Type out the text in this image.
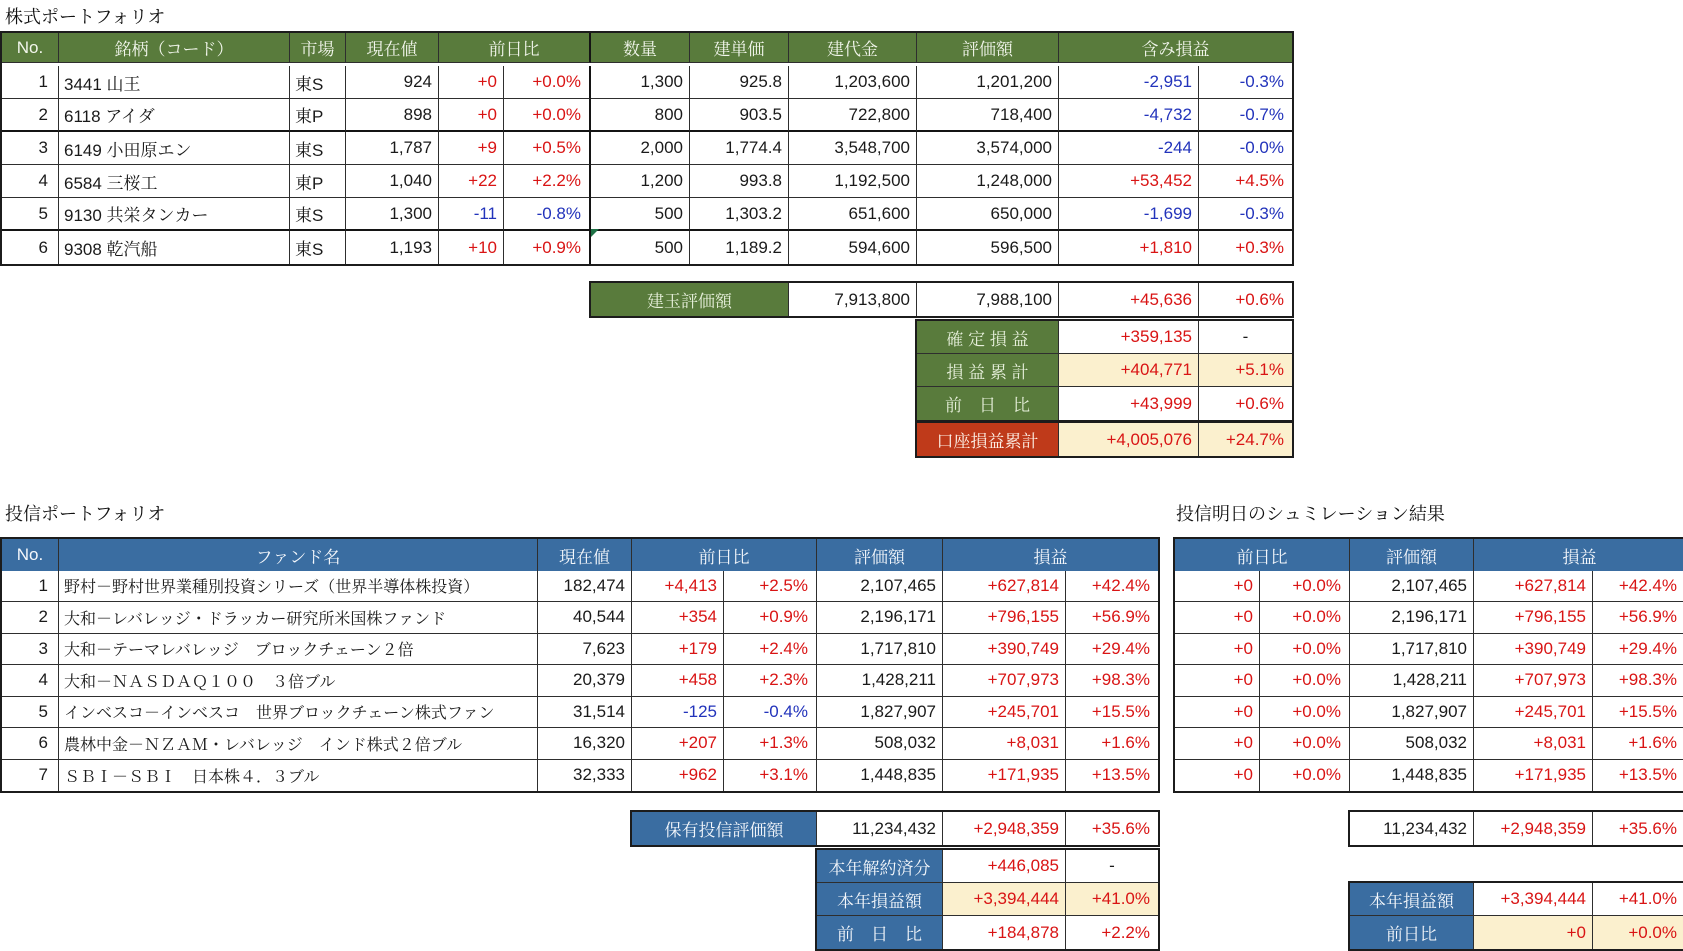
株式ポートフォリオ
No.	銘柄（コード）	市場	現在値	前日比	数量	建単価	建代金	評価額	含み損益
1 3441 山王	東S	924	+0	+0.0%	1,300	925.8	1,203,600	1,201,200	-2,951	-0.3%
2 6118 アイダ	東P	898	+0	+0.0%	800	903.5	722,800	718,400	-4,732	-0.7%
3 6149 小田原エン	東S	1,787	+9	+0.5%	2,000	1,774.4	3,548,700	3,574,000	-244	-0.0%
4 6584 三桜工	東P	1,040	+22	+2.2%	1,200	993.8	1,192,500	1,248,000	+53,452	+4.5%
5 9130 共栄タンカー	東S	1,300	-11	-0.8%	500	1,303.2	651,600	650,000	-1,699	-0.3%
6 9308 乾汽船	東S	1,193	+10	+0.9%	500	1,189.2	594,600	596,500	+1,810	+0.3%
建玉評価額	7,913,800	7,988,100	+45,636	+0.6%
確 定 損 益	+359,135	-
損 益 累 計	+404,771	+5.1%
前　日　比	+43,999	+0.6%
口座損益累計	+4,005,076	+24.7%
投信ポートフォリオ
No.	ファンド名	現在値	前日比	評価額	損益
1	野村－野村世界業種別投資シリーズ（世界半導体株投資）	182,474	+4,413	+2.5%	2,107,465	+627,814	+42.4%
2	大和－レバレッジ・ドラッカー研究所米国株ファンド	40,544	+354	+0.9%	2,196,171	+796,155	+56.9%
3	大和－テーマレバレッジ　ブロックチェーン２倍	7,623	+179	+2.4%	1,717,810	+390,749	+29.4%
4	大和－ＮＡＳＤＡＱ１００　３倍ブル	20,379	+458	+2.3%	1,428,211	+707,973	+98.3%
5	インベスコ－インベスコ　世界ブロックチェーン株式ファン	31,514	-125	-0.4%	1,827,907	+245,701	+15.5%
6	農林中金－ＮＺＡＭ・レバレッジ　インド株式２倍ブル	16,320	+207	+1.3%	508,032	+8,031	+1.6%
7	ＳＢＩ－ＳＢＩ　日本株４．３ブル	32,333	+962	+3.1%	1,448,835	+171,935	+13.5%
保有投信評価額	11,234,432	+2,948,359	+35.6%
本年解約済分	+446,085	-
本年損益額	+3,394,444	+41.0%
前　日　比	+184,878	+2.2%
投信明日のシュミレーション結果
前日比	評価額	損益
+0	+0.0%	2,107,465	+627,814	+42.4%
+0	+0.0%	2,196,171	+796,155	+56.9%
+0	+0.0%	1,717,810	+390,749	+29.4%
+0	+0.0%	1,428,211	+707,973	+98.3%
+0	+0.0%	1,827,907	+245,701	+15.5%
+0	+0.0%	508,032	+8,031	+1.6%
+0	+0.0%	1,448,835	+171,935	+13.5%
11,234,432	+2,948,359	+35.6%
本年損益額	+3,394,444	+41.0%
前日比	+0	+0.0%
